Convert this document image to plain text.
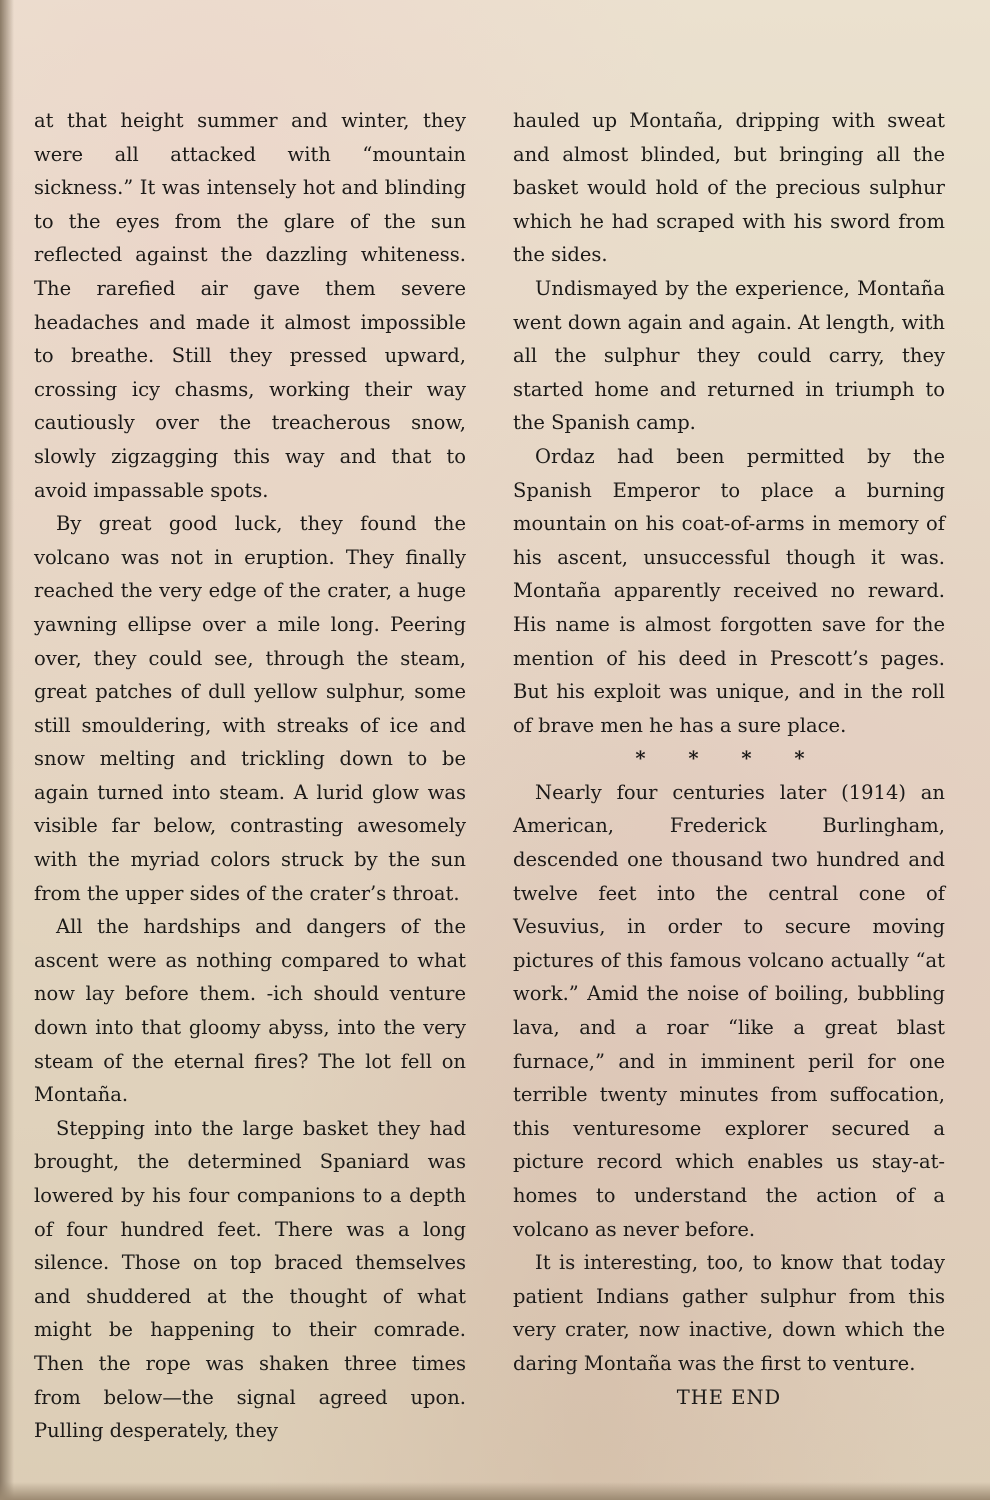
at that height summer and winter, they were all attacked with “mountain sickness.” It was intensely hot and blinding to the eyes from the glare of the sun reflected against the dazzling whiteness. The rarefied air gave them severe headaches and made it almost impossible to breathe. Still they pressed upward, crossing icy chasms, working their way cautiously over the treacherous snow, slowly zigzagging this way and that to avoid impassable spots.

By great good luck, they found the volcano was not in eruption. They finally reached the very edge of the crater, a huge yawning ellipse over a mile long. Peering over, they could see, through the steam, great patches of dull yellow sulphur, some still smouldering, with streaks of ice and snow melting and trickling down to be again turned into steam. A lurid glow was visible far below, contrasting awesomely with the myriad colors struck by the sun from the upper sides of the crater’s throat.

All the hardships and dangers of the ascent were as nothing compared to what now lay before them. ‑ich should venture down into that gloomy abyss, into the very steam of the eternal fires? The lot fell on Montaña.

Stepping into the large basket they had brought, the determined Spaniard was lowered by his four companions to a depth of four hundred feet. There was a long silence. Those on top braced themselves and shuddered at the thought of what might be happening to their comrade. Then the rope was shaken three times from below—the signal agreed upon. Pulling desperately, they

hauled up Montaña, dripping with sweat and almost blinded, but bringing all the basket would hold of the precious sulphur which he had scraped with his sword from the sides.

Undismayed by the experience, Montaña went down again and again. At length, with all the sulphur they could carry, they started home and returned in triumph to the Spanish camp.

Ordaz had been permitted by the Spanish Emperor to place a burning mountain on his coat-of-arms in memory of his ascent, unsuccessful though it was. Montaña apparently received no reward. His name is almost forgotten save for the mention of his deed in Prescott’s pages. But his exploit was unique, and in the roll of brave men he has a sure place.

* * * *

Nearly four centuries later (1914) an American, Frederick Burlingham, descended one thousand two hundred and twelve feet into the central cone of Vesuvius, in order to secure moving pictures of this famous volcano actually “at work.” Amid the noise of boiling, bubbling lava, and a roar “like a great blast furnace,” and in imminent peril for one terrible twenty minutes from suffocation, this venturesome explorer secured a picture record which enables us stay-at-homes to understand the action of a volcano as never before.

It is interesting, too, to know that today patient Indians gather sulphur from this very crater, now inactive, down which the daring Montaña was the first to venture.

THE END
